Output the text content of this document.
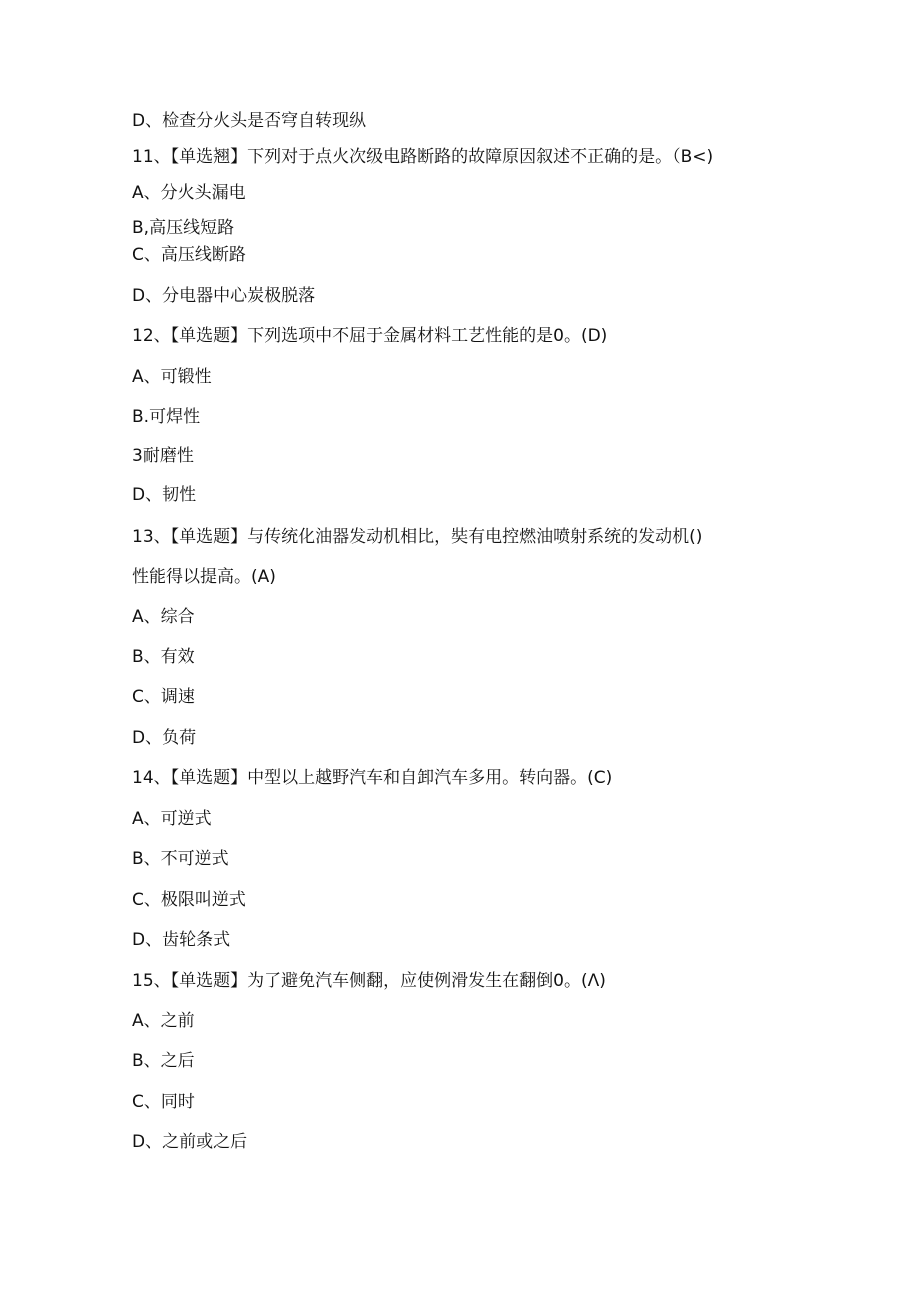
D、检查分火头是否穹自转现纵
11、【单选翘】下列对于点火次级电路断路的故障原因叙述不正确的是。（B<)
A、分火头漏电
B,高压线短路
C、高压线断路
D、分电器中心炭极脱落
12、【单选题】下列选项中不屈于金属材料工艺性能的是0。(D)
A、可锻性
B.可焊性
3耐磨性
D、韧性
13、【单选题】与传统化油器发动机相比，奘有电控燃油喷射系统的发动机()
性能得以提高。(A)
A、综合
B、有效
C、调速
D、负荷
14、【单选题】中型以上越野汽车和自卸汽车多用。转向器。(C)
A、可逆式
B、不可逆式
C、极限叫逆式
D、齿轮条式
15、【单选题】为了避免汽车侧翻，应使例滑发生在翻倒0。(Λ)
A、之前
B、之后
C、同时
D、之前或之后
